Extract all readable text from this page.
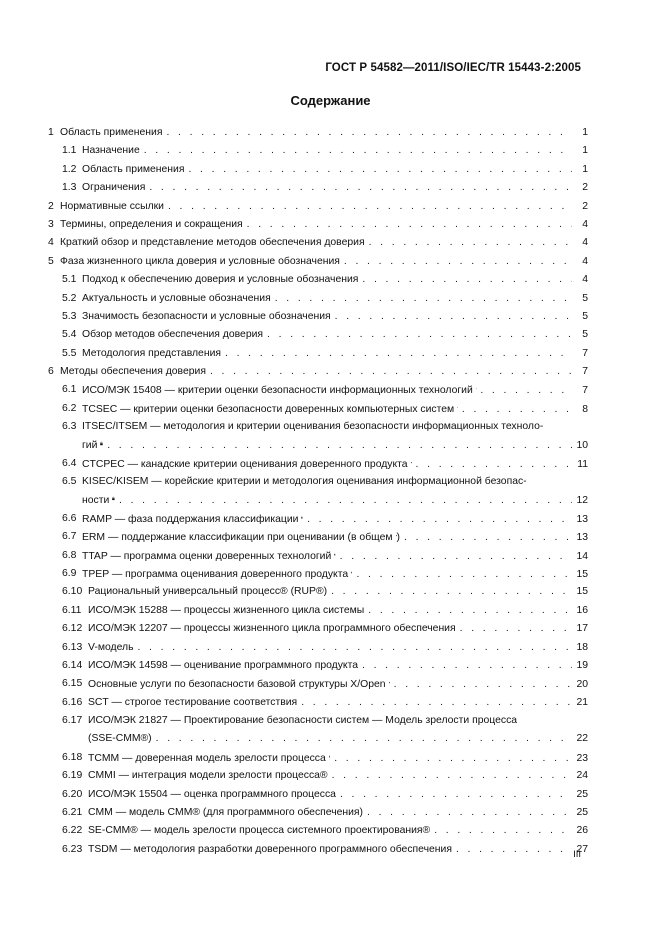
ГОСТ Р 54582—2011/ISO/IEC/TR 15443-2:2005
Содержание
1 Область применения . . .	1
1.1 Назначение . . .	1
1.2 Область применения . . .	1
1.3 Ограничения . . .	2
2 Нормативные ссылки . . .	2
3 Термины, определения и сокращения . . .	4
4 Краткий обзор и представление методов обеспечения доверия . . .	4
5 Фаза жизненного цикла доверия и условные обозначения . . .	4
5.1 Подход к обеспечению доверия и условные обозначения . . .	4
5.2 Актуальность и условные обозначения . . .	5
5.3 Значимость безопасности и условные обозначения . . .	5
5.4 Обзор методов обеспечения доверия . . .	5
5.5 Методология представления . . .	7
6 Методы обеспечения доверия . . .	7
6.1 ИСО/МЭК 15408 — критерии оценки безопасности информационных технологий . . .	7
6.2 TCSEC — критерии оценки безопасности доверенных компьютерных систем . . .	8
6.3 ITSEC/ITSEM — методология и критерии оценивания безопасности информационных техноло-
гий . . .	10
6.4 CTCPEC — канадские критерии оценивания доверенного продукта . . .	11
6.5 KISEC/KISEM — корейские критерии и методология оценивания информационной безопас-
ности . . .	12
6.6 RAMP — фаза поддержания классификации . . .	13
6.7 ERM — поддержание классификации при оценивании (в общем ) . . .	13
6.8 TTAP — программа оценки доверенных технологий . . .	14
6.9 TPEP — программа оценивания доверенного продукта . . .	15
6.10 Рациональный универсальный процесс® (RUP®) . . .	15
6.11 ИСО/МЭК 15288 — процессы жизненного цикла системы . . .	16
6.12 ИСО/МЭК 12207 — процессы жизненного цикла программного обеспечения . . .	17
6.13 V-модель . . .	18
6.14 ИСО/МЭК 14598 — оценивание программного продукта . . .	19
6.15 Основные услуги по безопасности базовой структуры X/Open . . .	20
6.16 SCT — строгое тестирование соответствия . . .	21
6.17 ИСО/МЭК 21827 — Проектирование безопасности систем — Модель зрелости процесса
(SSE-CMM®) . . .	22
6.18 TCMM — доверенная модель зрелости процесса . . .	23
6.19 CMMI — интеграция модели зрелости процесса® . . .	24
6.20 ИСО/МЭК 15504 — оценка программного процесса . . .	25
6.21 CMM — модель CMM® (для программного обеспечения) . . .	25
6.22 SE-CMM® — модель зрелости процесса системного проектирования® . . .	26
6.23 TSDM — методология разработки доверенного программного обеспечения . . .	27
III
